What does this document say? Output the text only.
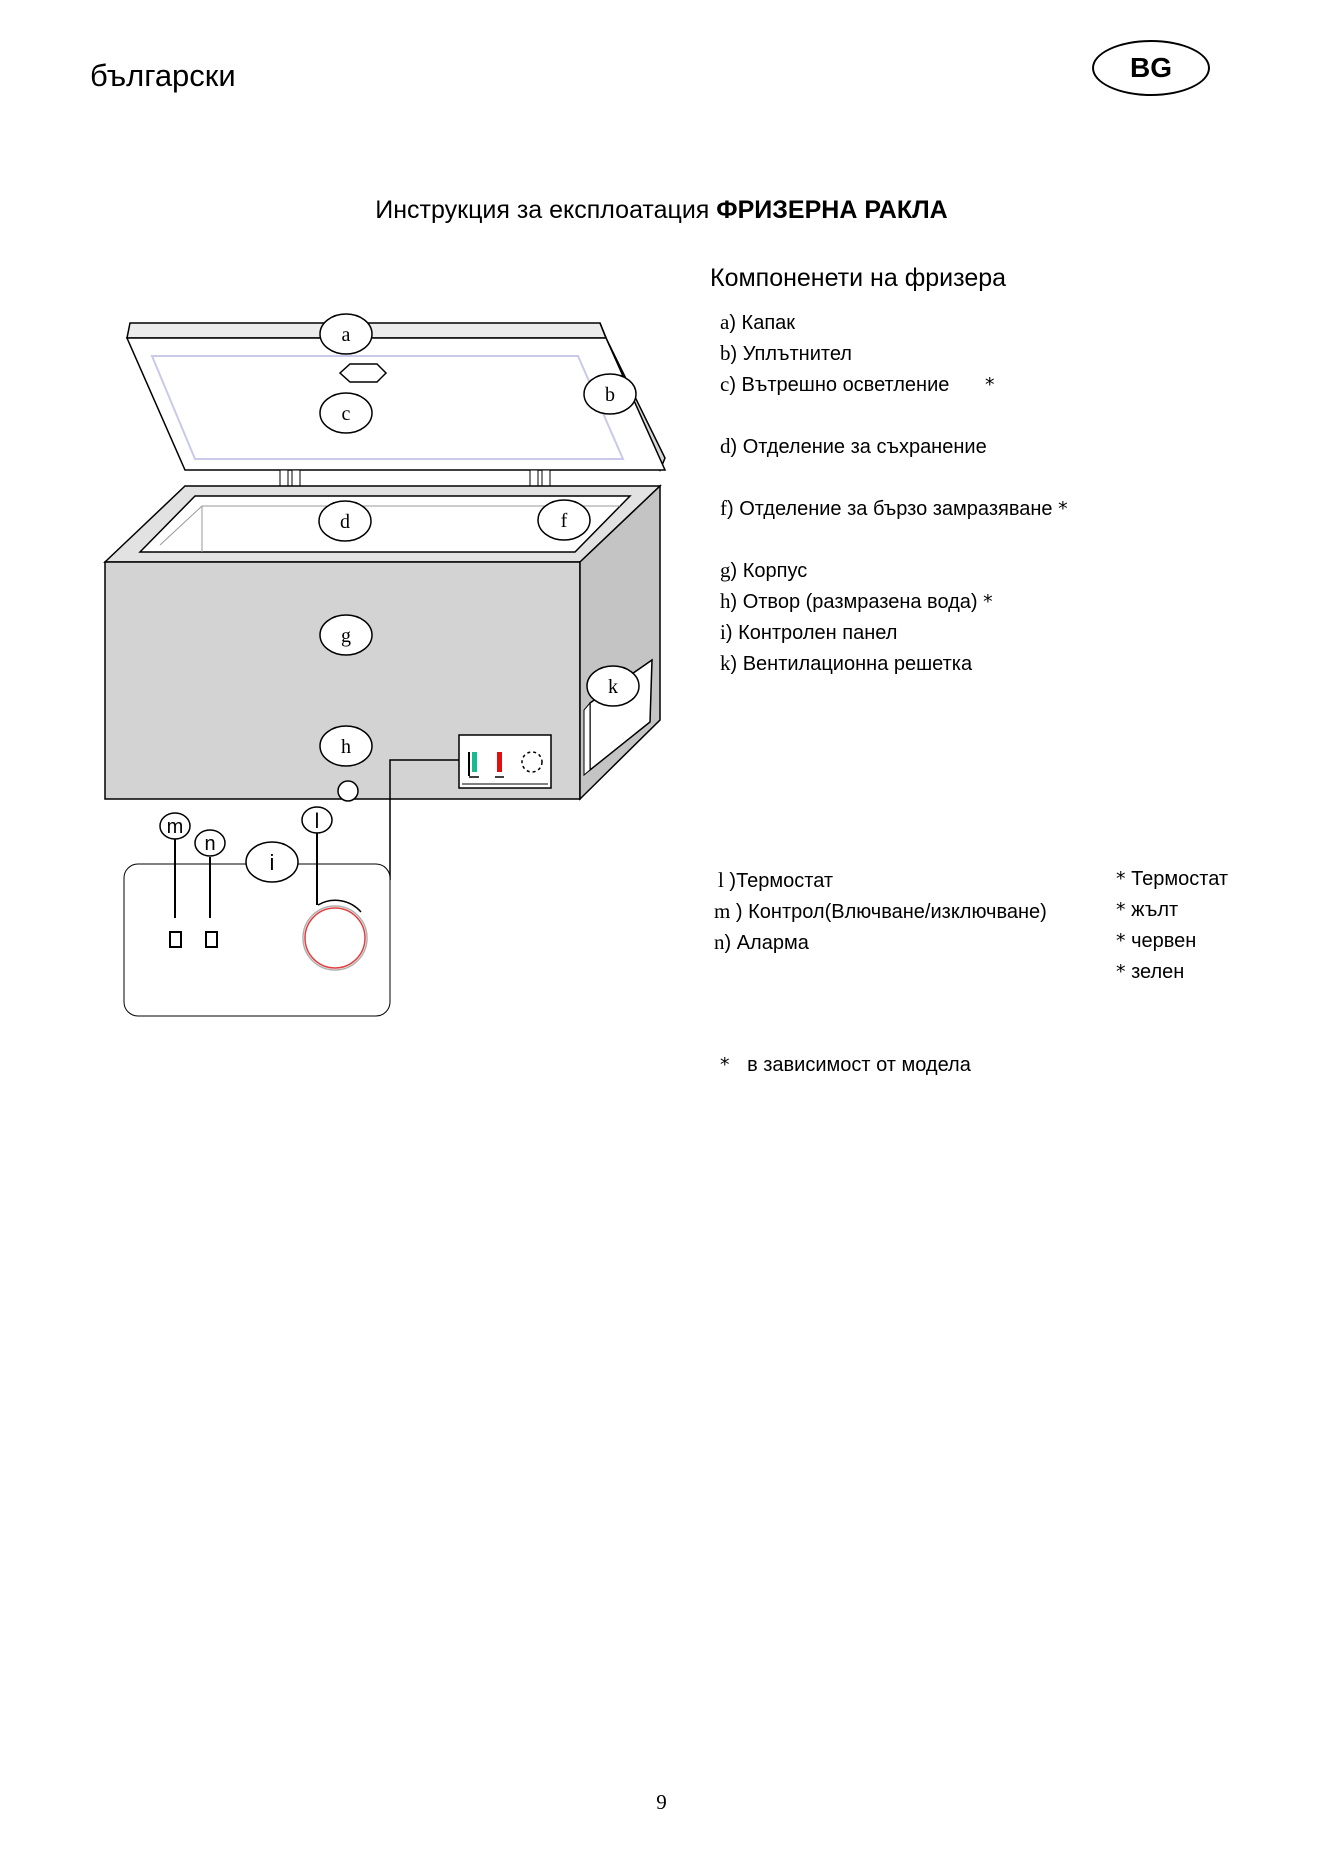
български	BG
Инструкция за експлоатация ФРИЗЕРНА РАКЛА
Компоненети на фризера
a) Капак
b) Уплътнител
c) Вътрешно осветление *
d) Отделение за съхранение
f) Отделение за бързо замразяване *
g) Корпус
h) Отвор (размразена вода) *
i) Контролен панел
k) Вентилационна решетка
l )Термостат
m ) Контрол(Влючване/изключване)
n) Аларма
* Термостат
* жълт
* червен
* зелен
* в зависимост от модела
a
b
c
d	f
g
h
k
m
n
i
l
9
